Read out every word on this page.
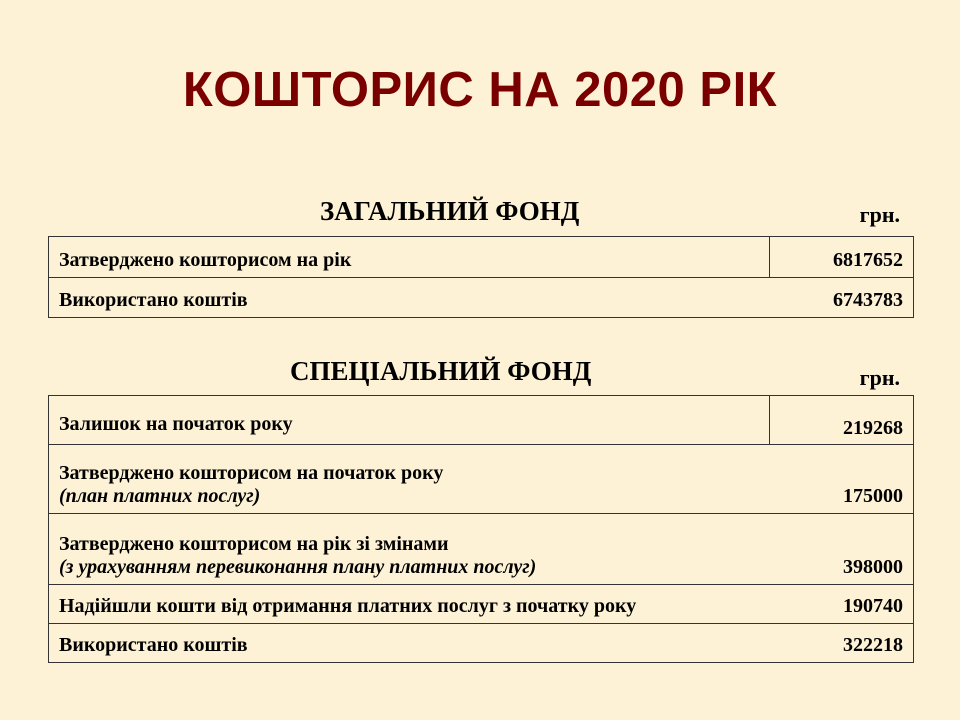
КОШТОРИС НА 2020 РІК
ЗАГАЛЬНИЙ ФОНД	грн.
Затверджено кошторисом на рік	6817652
Використано коштів	6743783
СПЕЦІАЛЬНИЙ ФОНД	грн.
Залишок на початок року	219268

Затверджено кошторисом на початок року
(план платних послуг)	175000

Затверджено кошторисом на рік зі змінами
(з урахуванням перевиконання плану платних послуг)	398000
Надійшли кошти від отримання платних послуг з початку року	190740
Використано коштів	322218
